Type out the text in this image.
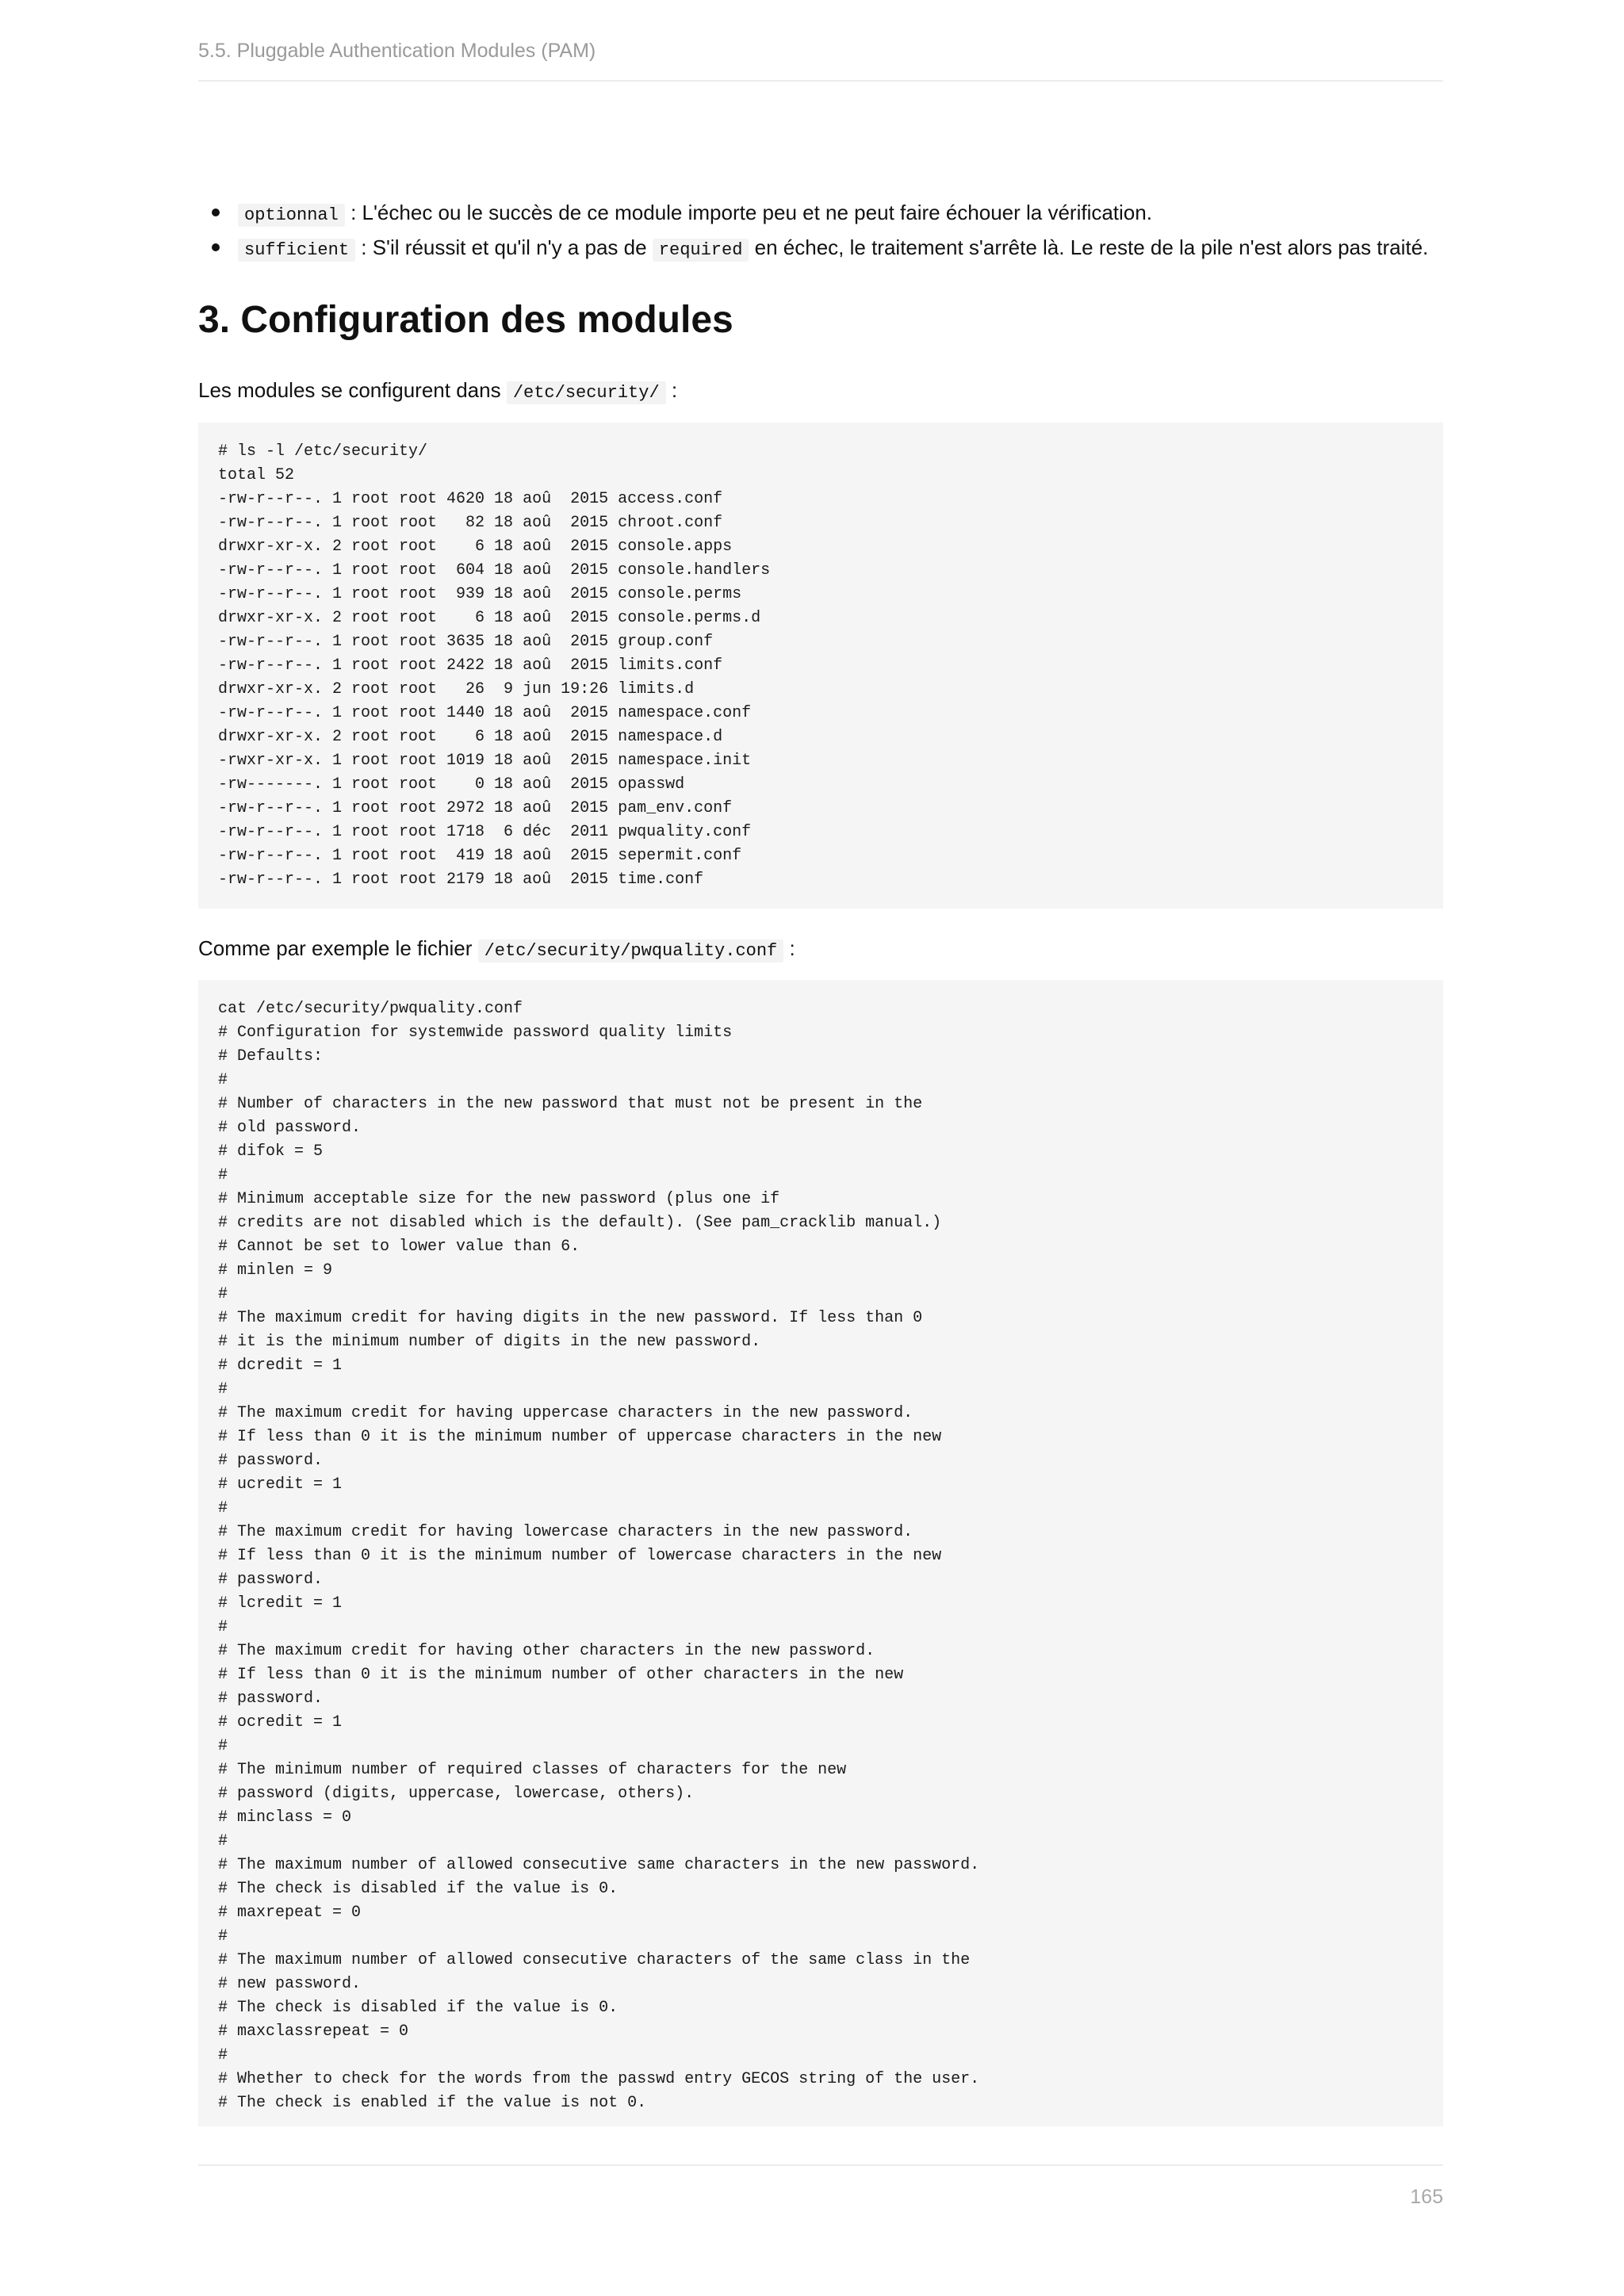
5.5. Pluggable Authentication Modules (PAM)
optionnal : L'échec ou le succès de ce module importe peu et ne peut faire échouer la vérification.
sufficient : S'il réussit et qu'il n'y a pas de required en échec, le traitement s'arrête là. Le reste de la pile n'est alors pas traité.
3. Configuration des modules

Les modules se configurent dans /etc/security/ :

# ls -l /etc/security/
total 52
-rw-r--r--. 1 root root 4620 18 aoû  2015 access.conf
-rw-r--r--. 1 root root   82 18 aoû  2015 chroot.conf
drwxr-xr-x. 2 root root    6 18 aoû  2015 console.apps
-rw-r--r--. 1 root root  604 18 aoû  2015 console.handlers
-rw-r--r--. 1 root root  939 18 aoû  2015 console.perms
drwxr-xr-x. 2 root root    6 18 aoû  2015 console.perms.d
-rw-r--r--. 1 root root 3635 18 aoû  2015 group.conf
-rw-r--r--. 1 root root 2422 18 aoû  2015 limits.conf
drwxr-xr-x. 2 root root   26  9 jun 19:26 limits.d
-rw-r--r--. 1 root root 1440 18 aoû  2015 namespace.conf
drwxr-xr-x. 2 root root    6 18 aoû  2015 namespace.d
-rwxr-xr-x. 1 root root 1019 18 aoû  2015 namespace.init
-rw-------. 1 root root    0 18 aoû  2015 opasswd
-rw-r--r--. 1 root root 2972 18 aoû  2015 pam_env.conf
-rw-r--r--. 1 root root 1718  6 déc  2011 pwquality.conf
-rw-r--r--. 1 root root  419 18 aoû  2015 sepermit.conf
-rw-r--r--. 1 root root 2179 18 aoû  2015 time.conf

Comme par exemple le fichier /etc/security/pwquality.conf :

cat /etc/security/pwquality.conf
# Configuration for systemwide password quality limits
# Defaults:
#
# Number of characters in the new password that must not be present in the
# old password.
# difok = 5
#
# Minimum acceptable size for the new password (plus one if
# credits are not disabled which is the default). (See pam_cracklib manual.)
# Cannot be set to lower value than 6.
# minlen = 9
#
# The maximum credit for having digits in the new password. If less than 0
# it is the minimum number of digits in the new password.
# dcredit = 1
#
# The maximum credit for having uppercase characters in the new password.
# If less than 0 it is the minimum number of uppercase characters in the new
# password.
# ucredit = 1
#
# The maximum credit for having lowercase characters in the new password.
# If less than 0 it is the minimum number of lowercase characters in the new
# password.
# lcredit = 1
#
# The maximum credit for having other characters in the new password.
# If less than 0 it is the minimum number of other characters in the new
# password.
# ocredit = 1
#
# The minimum number of required classes of characters for the new
# password (digits, uppercase, lowercase, others).
# minclass = 0
#
# The maximum number of allowed consecutive same characters in the new password.
# The check is disabled if the value is 0.
# maxrepeat = 0
#
# The maximum number of allowed consecutive characters of the same class in the
# new password.
# The check is disabled if the value is 0.
# maxclassrepeat = 0
#
# Whether to check for the words from the passwd entry GECOS string of the user.
# The check is enabled if the value is not 0.
165
